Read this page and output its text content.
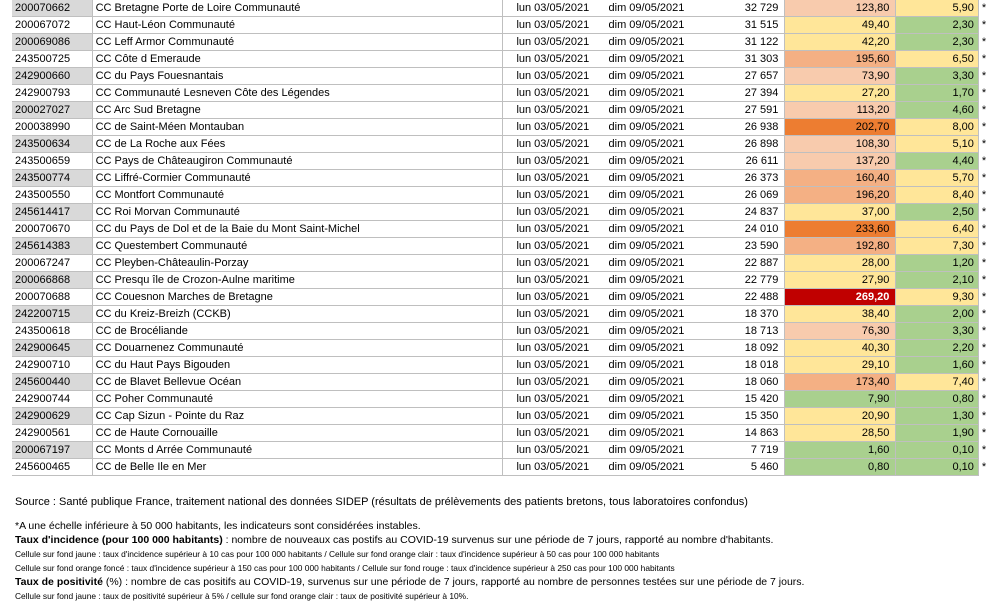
200070662	CC Bretagne Porte de Loire Communauté	lun 03/05/2021	dim 09/05/2021	32 729	123,80	5,90	*
200067072	CC Haut-Léon Communauté	lun 03/05/2021	dim 09/05/2021	31 515	49,40	2,30	*
200069086	CC Leff Armor Communauté	lun 03/05/2021	dim 09/05/2021	31 122	42,20	2,30	*
243500725	CC Côte d Emeraude	lun 03/05/2021	dim 09/05/2021	31 303	195,60	6,50	*
242900660	CC du Pays Fouesnantais	lun 03/05/2021	dim 09/05/2021	27 657	73,90	3,30	*
242900793	CC Communauté Lesneven Côte des Légendes	lun 03/05/2021	dim 09/05/2021	27 394	27,20	1,70	*
200027027	CC Arc Sud Bretagne	lun 03/05/2021	dim 09/05/2021	27 591	113,20	4,60	*
200038990	CC de Saint-Méen Montauban	lun 03/05/2021	dim 09/05/2021	26 938	202,70	8,00	*
243500634	CC de La Roche aux Fées	lun 03/05/2021	dim 09/05/2021	26 898	108,30	5,10	*
243500659	CC Pays de Châteaugiron Communauté	lun 03/05/2021	dim 09/05/2021	26 611	137,20	4,40	*
243500774	CC Liffré-Cormier Communauté	lun 03/05/2021	dim 09/05/2021	26 373	160,40	5,70	*
243500550	CC Montfort Communauté	lun 03/05/2021	dim 09/05/2021	26 069	196,20	8,40	*
245614417	CC Roi Morvan Communauté	lun 03/05/2021	dim 09/05/2021	24 837	37,00	2,50	*
200070670	CC du Pays de Dol et de la Baie du Mont Saint-Michel	lun 03/05/2021	dim 09/05/2021	24 010	233,60	6,40	*
245614383	CC Questembert Communauté	lun 03/05/2021	dim 09/05/2021	23 590	192,80	7,30	*
200067247	CC Pleyben-Châteaulin-Porzay	lun 03/05/2021	dim 09/05/2021	22 887	28,00	1,20	*
200066868	CC Presqu île de Crozon-Aulne maritime	lun 03/05/2021	dim 09/05/2021	22 779	27,90	2,10	*
200070688	CC Couesnon Marches de Bretagne	lun 03/05/2021	dim 09/05/2021	22 488	269,20	9,30	*
242200715	CC du Kreiz-Breizh (CCKB)	lun 03/05/2021	dim 09/05/2021	18 370	38,40	2,00	*
243500618	CC de Brocéliande	lun 03/05/2021	dim 09/05/2021	18 713	76,30	3,30	*
242900645	CC Douarnenez Communauté	lun 03/05/2021	dim 09/05/2021	18 092	40,30	2,20	*
242900710	CC du Haut Pays Bigouden	lun 03/05/2021	dim 09/05/2021	18 018	29,10	1,60	*
245600440	CC de Blavet Bellevue Océan	lun 03/05/2021	dim 09/05/2021	18 060	173,40	7,40	*
242900744	CC Poher Communauté	lun 03/05/2021	dim 09/05/2021	15 420	7,90	0,80	*
242900629	CC Cap Sizun - Pointe du Raz	lun 03/05/2021	dim 09/05/2021	15 350	20,90	1,30	*
242900561	CC de Haute Cornouaille	lun 03/05/2021	dim 09/05/2021	14 863	28,50	1,90	*
200067197	CC Monts d Arrée Communauté	lun 03/05/2021	dim 09/05/2021	7 719	1,60	0,10	*
245600465	CC de Belle Ile en Mer	lun 03/05/2021	dim 09/05/2021	5 460	0,80	0,10	*

Source : Santé publique France, traitement national des données SIDEP (résultats de prélèvements des patients bretons, tous laboratoires confondus)

*A une échelle inférieure à 50 000 habitants, les indicateurs sont considérées instables.

Taux d'incidence (pour 100 000 habitants) : nombre de nouveaux cas postifs au COVID-19 survenus sur une période de 7 jours, rapporté au nombre d'habitants.

Cellule sur fond jaune : taux d'incidence supérieur à 10 cas pour 100 000 habitants / Cellule sur fond orange clair : taux d'incidence supérieur à 50 cas pour 100 000 habitants

Cellule sur fond orange foncé : taux d'incidence supérieur à 150 cas pour 100 000 habitants / Cellule sur fond rouge : taux d'incidence supérieur à 250 cas pour 100 000 habitants

Taux de positivité (%) : nombre de cas positifs au COVID-19, survenus sur une période de 7 jours, rapporté au nombre de personnes testées sur une période de 7 jours.

Cellule sur fond jaune : taux de positivité supérieur à 5% / cellule sur fond orange clair : taux de positivité supérieur à 10%.
